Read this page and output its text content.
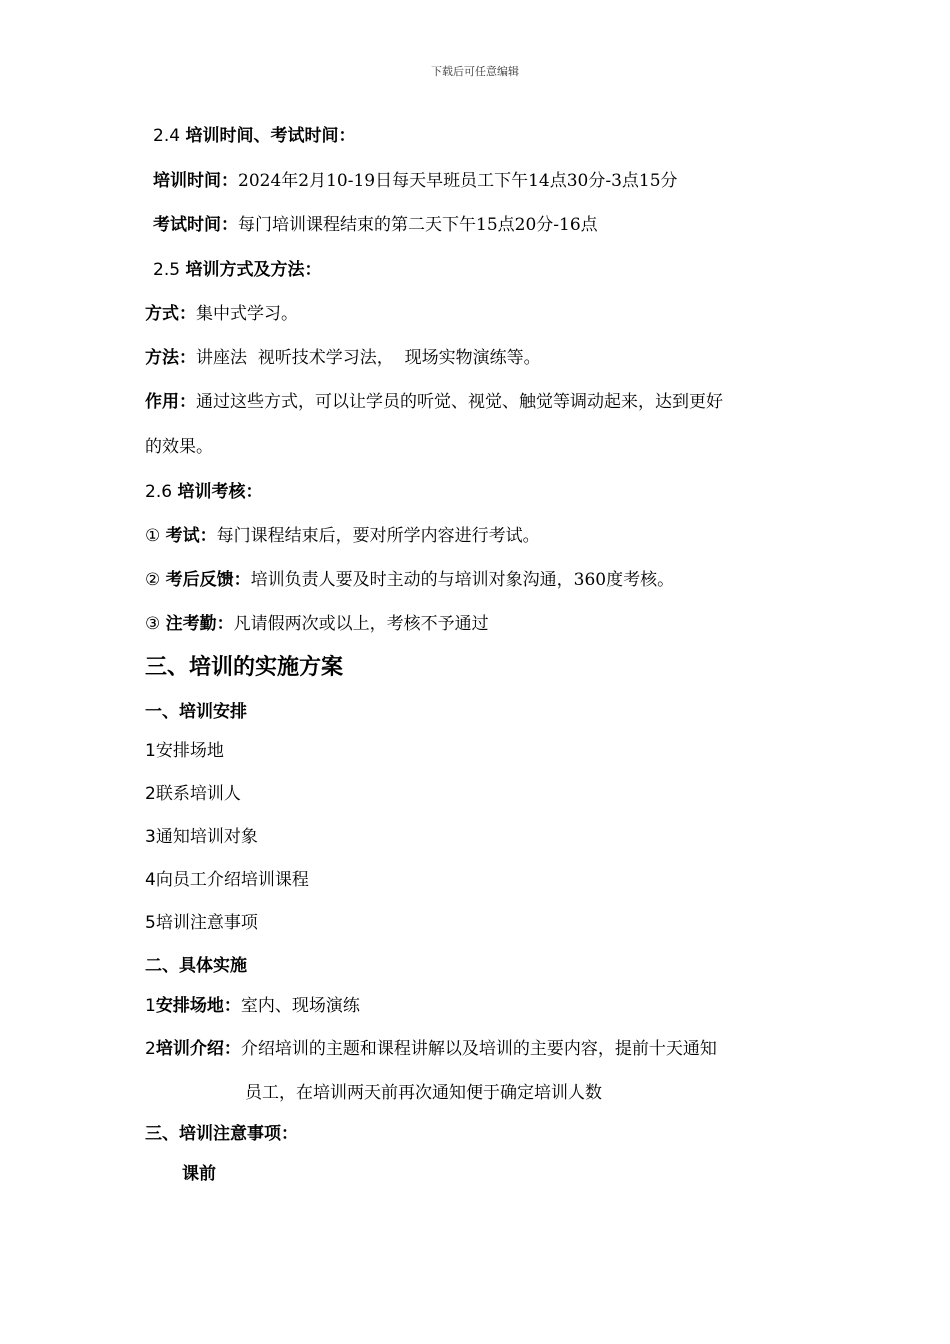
下载后可任意编辑
2.4 培训时间、考试时间：
培训时间：2024年2月10-19日每天早班员工下午14点30分-3点15分
考试时间：每门培训课程结束的第二天下午15点20分-16点
2.5 培训方式及方法：
方式：集中式学习。
方法：讲座法  视听技术学习法，  现场实物演练等。
作用：通过这些方式，可以让学员的听觉、视觉、触觉等调动起来，达到更好
的效果。
2.6 培训考核：
① 考试：每门课程结束后，要对所学内容进行考试。
② 考后反馈：培训负责人要及时主动的与培训对象沟通，360度考核。
③ 注考勤：凡请假两次或以上，考核不予通过
三、培训的实施方案
一、培训安排
1安排场地
2联系培训人
3通知培训对象
4向员工介绍培训课程
5培训注意事项
二、具体实施
1安排场地：室内、现场演练
2培训介绍：介绍培训的主题和课程讲解以及培训的主要内容，提前十天通知
员工，在培训两天前再次通知便于确定培训人数
三、培训注意事项：
课前
